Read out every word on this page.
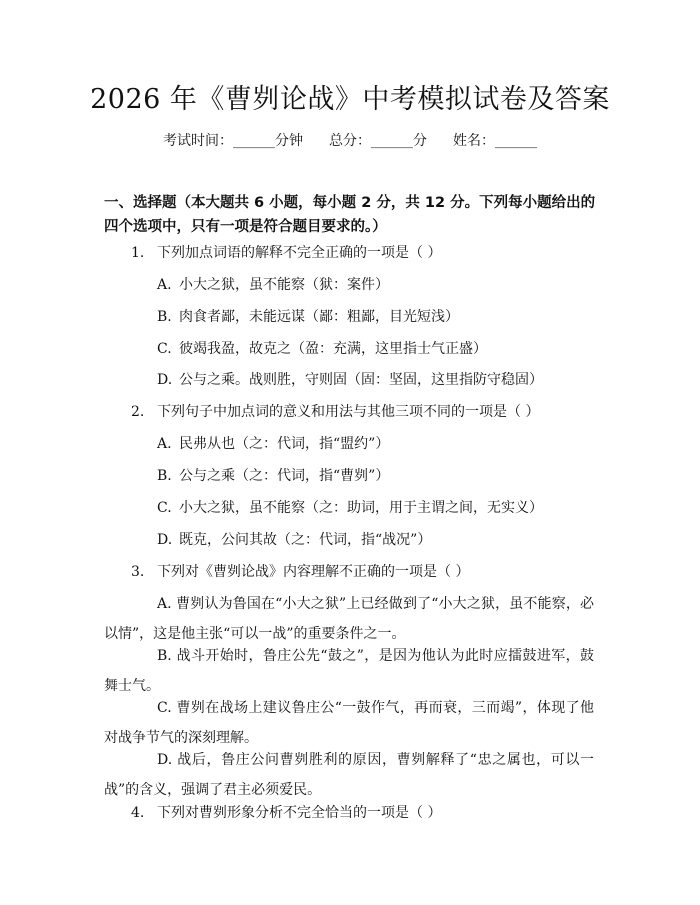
2026 年《曹刿论战》中考模拟试卷及答案
考试时间：______分钟 总分：______分 姓名：______
一、选择题（本大题共 6 小题，每小题 2 分，共 12 分。下列每小题给出的四个选项中，只有一项是符合题目要求的。）
1. 下列加点词语的解释不完全正确的一项是（ ）
A. 小大之狱，虽不能察（狱：案件）
B. 肉食者鄙，未能远谋（鄙：粗鄙，目光短浅）
C. 彼竭我盈，故克之（盈：充满，这里指士气正盛）
D. 公与之乘。战则胜，守则固（固：坚固，这里指防守稳固）
2. 下列句子中加点词的意义和用法与其他三项不同的一项是（ ）
A. 民弗从也（之：代词，指“盟约”）
B. 公与之乘（之：代词，指“曹刿”）
C. 小大之狱，虽不能察（之：助词，用于主谓之间，无实义）
D. 既克，公问其故（之：代词，指“战况”）
3. 下列对《曹刿论战》内容理解不正确的一项是（ ）
A. 曹刿认为鲁国在“小大之狱”上已经做到了“小大之狱，虽不能察，必以情”，这是他主张“可以一战”的重要条件之一。
B. 战斗开始时，鲁庄公先“鼓之”，是因为他认为此时应擂鼓进军，鼓舞士气。
C. 曹刿在战场上建议鲁庄公“一鼓作气，再而衰，三而竭”，体现了他对战争节气的深刻理解。
D. 战后，鲁庄公问曹刿胜利的原因，曹刿解释了“忠之属也，可以一战”的含义，强调了君主必须爱民。
4. 下列对曹刿形象分析不完全恰当的一项是（ ）
